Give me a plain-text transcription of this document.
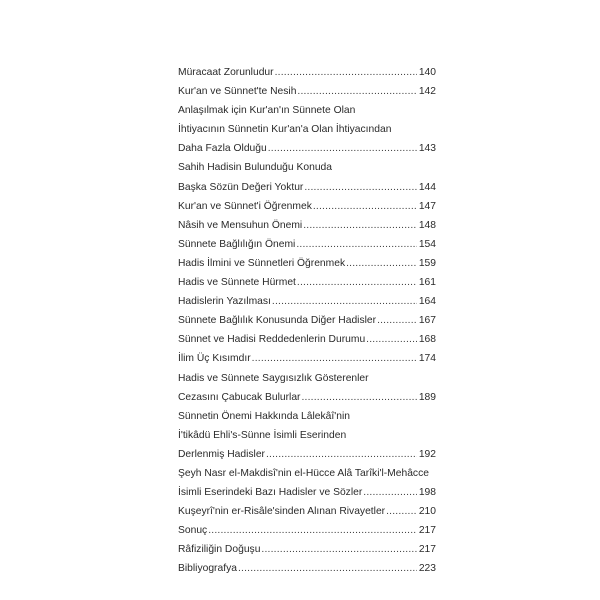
Müracaat Zorunludur .....	140
Kur'an ve Sünnet'te Nesih .....	142
Anlaşılmak için Kur'an'ın Sünnete Olan
İhtiyacının Sünnetin Kur'an'a Olan İhtiyacından
Daha Fazla Olduğu .....	143
Sahih Hadisin Bulunduğu Konuda
Başka Sözün Değeri Yoktur .....	144
Kur'an ve Sünnet'i Öğrenmek .....	147
Nâsih ve Mensuhun Önemi .....	148
Sünnete Bağlılığın Önemi .....	154
Hadis İlmini ve Sünnetleri Öğrenmek .....	159
Hadis ve Sünnete Hürmet .....	161
Hadislerin Yazılması .....	164
Sünnete Bağlılık Konusunda Diğer Hadisler .....	167
Sünnet ve Hadisi Reddedenlerin Durumu .....	168
İlim Üç Kısımdır .....	174
Hadis ve Sünnete Saygısızlık Gösterenler
Cezasını Çabucak Bulurlar .....	189
Sünnetin Önemi Hakkında Lâlekâî'nin
İ'tikâdü Ehli's-Sünne İsimli Eserinden
Derlenmiş Hadisler .....	192
Şeyh Nasr el-Makdisî'nin el-Hücce Alâ Tarîki'l-Mehâcce
İsimli Eserindeki Bazı Hadisler ve Sözler .....	198
Kuşeyrî'nin er-Risâle'sinden Alınan Rivayetler .....	210
Sonuç .....	217
Râfiziliğin Doğuşu .....	217
Bibliyografya .....	223
